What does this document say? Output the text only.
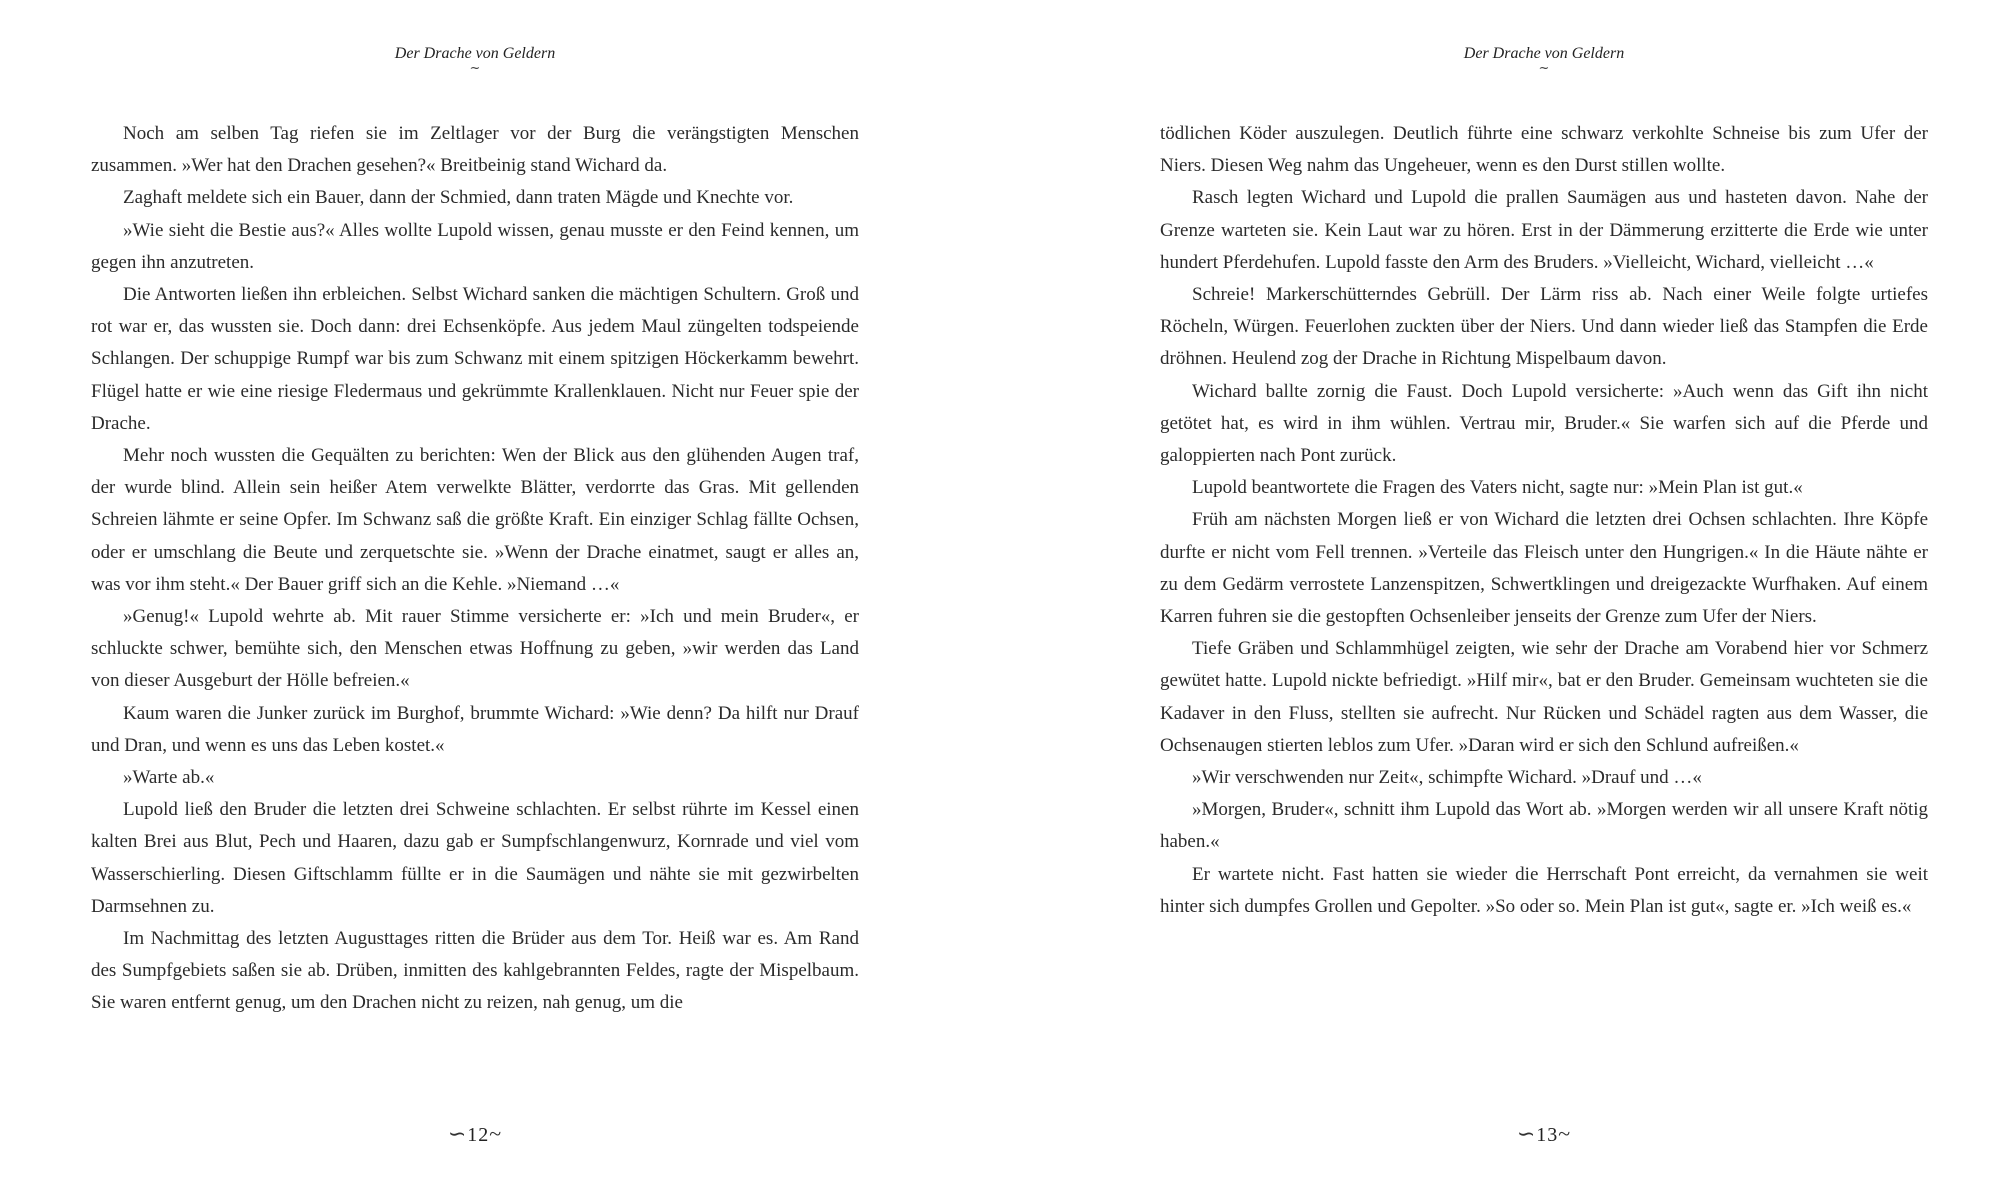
Der Drache von Geldern
~

Noch am selben Tag riefen sie im Zeltlager vor der Burg die verängstigten Menschen zusammen. »Wer hat den Drachen gesehen?« Breitbeinig stand Wichard da.

Zaghaft meldete sich ein Bauer, dann der Schmied, dann traten Mägde und Knechte vor.

»Wie sieht die Bestie aus?« Alles wollte Lupold wissen, genau musste er den Feind kennen, um gegen ihn anzutreten.

Die Antworten ließen ihn erbleichen. Selbst Wichard sanken die mächtigen Schultern. Groß und rot war er, das wussten sie. Doch dann: drei Echsenköpfe. Aus jedem Maul züngelten todspeiende Schlangen. Der schuppige Rumpf war bis zum Schwanz mit einem spitzigen Höckerkamm bewehrt. Flügel hatte er wie eine riesige Fledermaus und gekrümmte Krallenklauen. Nicht nur Feuer spie der Drache.

Mehr noch wussten die Gequälten zu berichten: Wen der Blick aus den glühenden Augen traf, der wurde blind. Allein sein heißer Atem verwelkte Blätter, verdorrte das Gras. Mit gellenden Schreien lähmte er seine Opfer. Im Schwanz saß die größte Kraft. Ein einziger Schlag fällte Ochsen, oder er umschlang die Beute und zerquetschte sie. »Wenn der Drache einatmet, saugt er alles an, was vor ihm steht.« Der Bauer griff sich an die Kehle. »Niemand …«

»Genug!« Lupold wehrte ab. Mit rauer Stimme versicherte er: »Ich und mein Bruder«, er schluckte schwer, bemühte sich, den Menschen etwas Hoffnung zu geben, »wir werden das Land von dieser Ausgeburt der Hölle befreien.«

Kaum waren die Junker zurück im Burghof, brummte Wichard: »Wie denn? Da hilft nur Drauf und Dran, und wenn es uns das Leben kostet.«

»Warte ab.«

Lupold ließ den Bruder die letzten drei Schweine schlachten. Er selbst rührte im Kessel einen kalten Brei aus Blut, Pech und Haaren, dazu gab er Sumpfschlangenwurz, Kornrade und viel vom Wasserschierling. Diesen Giftschlamm füllte er in die Saumägen und nähte sie mit gezwirbelten Darmsehnen zu.

Im Nachmittag des letzten Augusttages ritten die Brüder aus dem Tor. Heiß war es. Am Rand des Sumpfgebiets saßen sie ab. Drüben, inmitten des kahlgebrannten Feldes, ragte der Mispelbaum. Sie waren entfernt genug, um den Drachen nicht zu reizen, nah genug, um die

∽12~
Der Drache von Geldern
~

tödlichen Köder auszulegen. Deutlich führte eine schwarz verkohlte Schneise bis zum Ufer der Niers. Diesen Weg nahm das Ungeheuer, wenn es den Durst stillen wollte.

Rasch legten Wichard und Lupold die prallen Saumägen aus und hasteten davon. Nahe der Grenze warteten sie. Kein Laut war zu hören. Erst in der Dämmerung erzitterte die Erde wie unter hundert Pferdehufen. Lupold fasste den Arm des Bruders. »Vielleicht, Wichard, vielleicht …«

Schreie! Markerschütterndes Gebrüll. Der Lärm riss ab. Nach einer Weile folgte urtiefes Röcheln, Würgen. Feuerlohen zuckten über der Niers. Und dann wieder ließ das Stampfen die Erde dröhnen. Heulend zog der Drache in Richtung Mispelbaum davon.

Wichard ballte zornig die Faust. Doch Lupold versicherte: »Auch wenn das Gift ihn nicht getötet hat, es wird in ihm wühlen. Vertrau mir, Bruder.« Sie warfen sich auf die Pferde und galoppierten nach Pont zurück.

Lupold beantwortete die Fragen des Vaters nicht, sagte nur: »Mein Plan ist gut.«

Früh am nächsten Morgen ließ er von Wichard die letzten drei Ochsen schlachten. Ihre Köpfe durfte er nicht vom Fell trennen. »Verteile das Fleisch unter den Hungrigen.« In die Häute nähte er zu dem Gedärm verrostete Lanzenspitzen, Schwertklingen und dreigezackte Wurfhaken. Auf einem Karren fuhren sie die gestopften Ochsenleiber jenseits der Grenze zum Ufer der Niers.

Tiefe Gräben und Schlammhügel zeigten, wie sehr der Drache am Vorabend hier vor Schmerz gewütet hatte. Lupold nickte befriedigt. »Hilf mir«, bat er den Bruder. Gemeinsam wuchteten sie die Kadaver in den Fluss, stellten sie aufrecht. Nur Rücken und Schädel ragten aus dem Wasser, die Ochsenaugen stierten leblos zum Ufer. »Daran wird er sich den Schlund aufreißen.«

»Wir verschwenden nur Zeit«, schimpfte Wichard. »Drauf und …«

»Morgen, Bruder«, schnitt ihm Lupold das Wort ab. »Morgen werden wir all unsere Kraft nötig haben.«

Er wartete nicht. Fast hatten sie wieder die Herrschaft Pont erreicht, da vernahmen sie weit hinter sich dumpfes Grollen und Gepolter. »So oder so. Mein Plan ist gut«, sagte er. »Ich weiß es.«

∽13~
